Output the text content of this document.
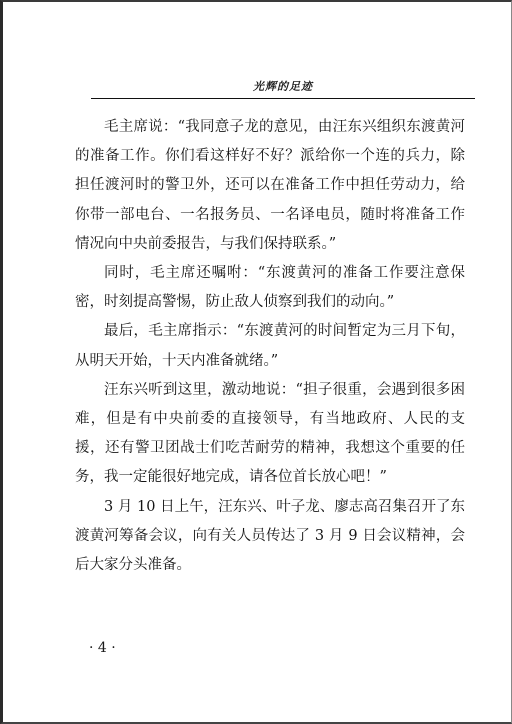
光辉的足迹

毛主席说：“我同意子龙的意见，由汪东兴组织东渡黄河的准备工作。你们看这样好不好？派给你一个连的兵力，除担任渡河时的警卫外，还可以在准备工作中担任劳动力，给你带一部电台、一名报务员、一名译电员，随时将准备工作情况向中央前委报告，与我们保持联系。”

同时，毛主席还嘱咐：“东渡黄河的准备工作要注意保密，时刻提高警惕，防止敌人侦察到我们的动向。”

最后，毛主席指示：“东渡黄河的时间暂定为三月下旬，从明天开始，十天内准备就绪。”

汪东兴听到这里，激动地说：“担子很重，会遇到很多困难，但是有中央前委的直接领导，有当地政府、人民的支援，还有警卫团战士们吃苦耐劳的精神，我想这个重要的任务，我一定能很好地完成，请各位首长放心吧！”

3 月 10 日上午，汪东兴、叶子龙、廖志高召集召开了东渡黄河筹备会议，向有关人员传达了 3 月 9 日会议精神，会后大家分头准备。

· 4 ·
